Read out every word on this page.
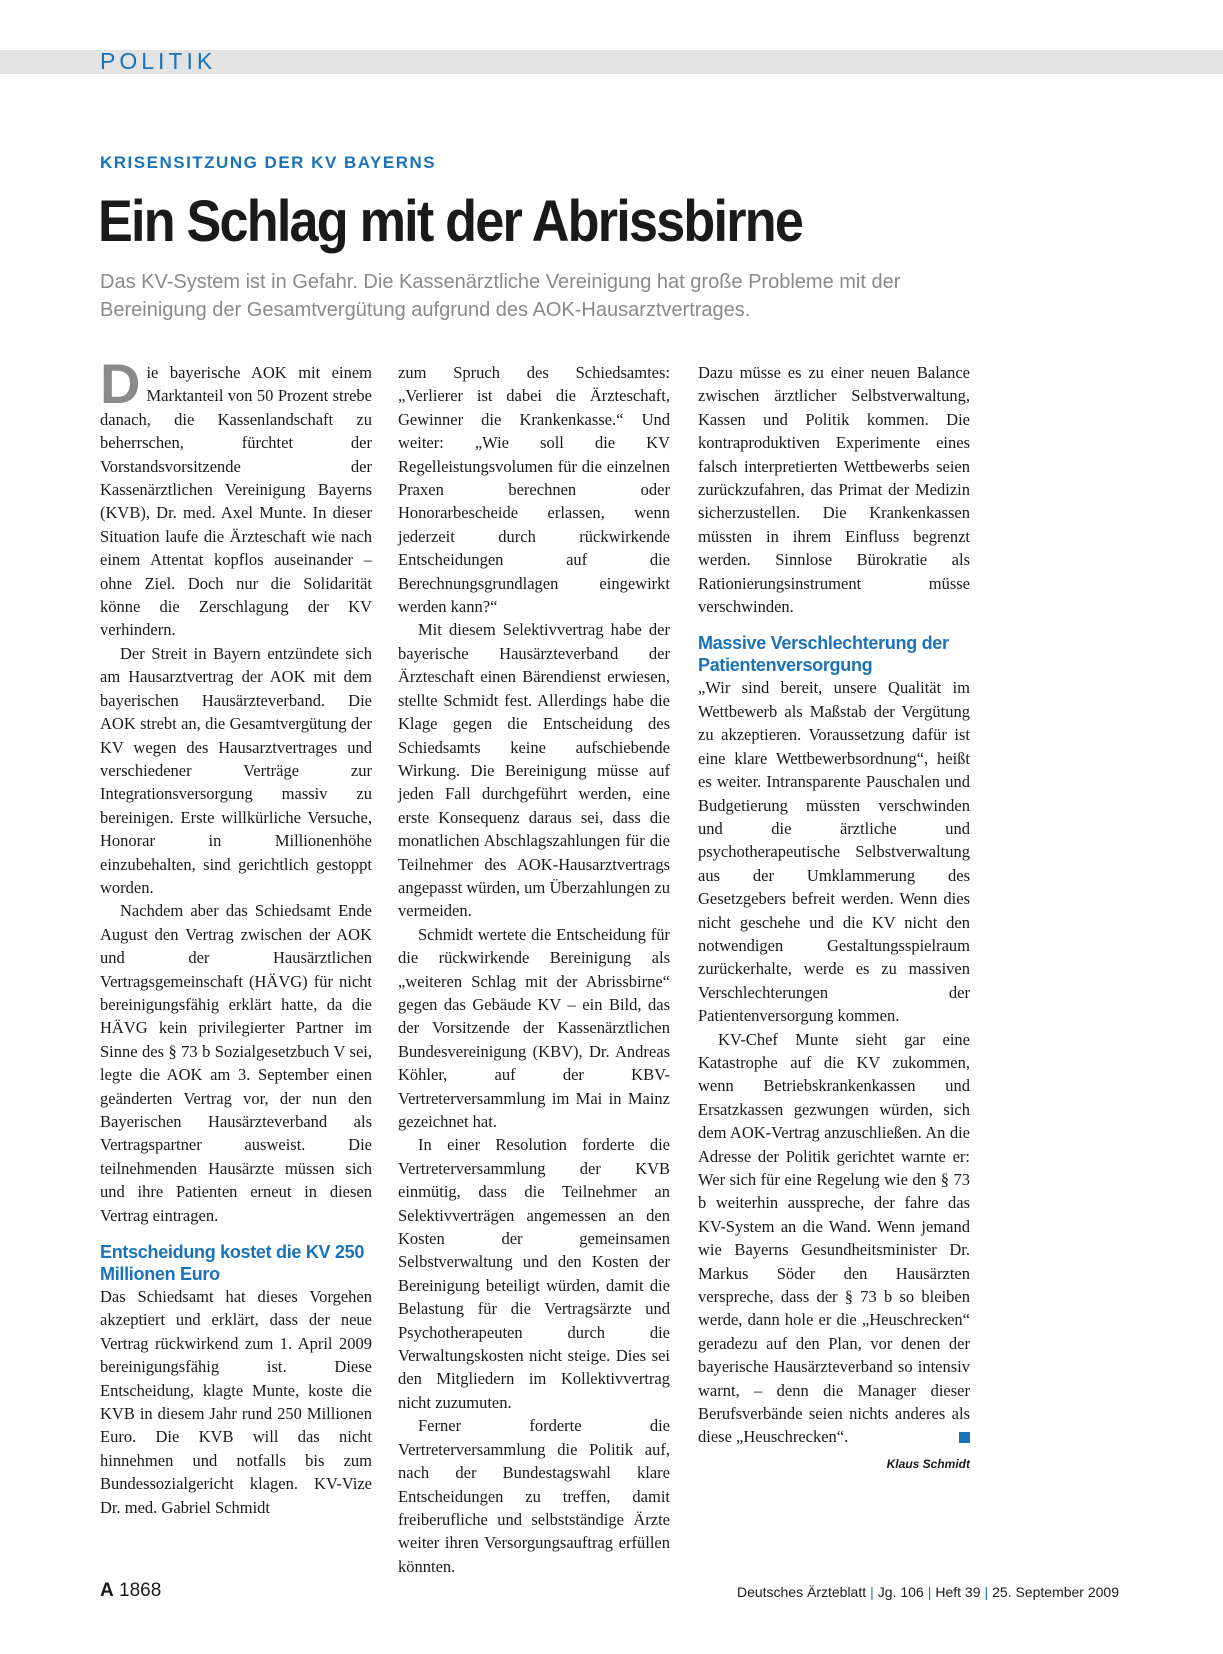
POLITIK
KRISENSITZUNG DER KV BAYERNS
Ein Schlag mit der Abrissbirne
Das KV-System ist in Gefahr. Die Kassenärztliche Vereinigung hat große Probleme mit der Bereinigung der Gesamtvergütung aufgrund des AOK-Hausarztvertrages.

Die bayerische AOK mit einem Marktanteil von 50 Prozent strebe danach, die Kassenlandschaft zu beherrschen, fürchtet der Vorstandsvorsitzende der Kassenärztlichen Vereinigung Bayerns (KVB), Dr. med. Axel Munte. In dieser Situation laufe die Ärzteschaft wie nach einem Attentat kopflos auseinander – ohne Ziel. Doch nur die Solidarität könne die Zerschlagung der KV verhindern.

Der Streit in Bayern entzündete sich am Hausarztvertrag der AOK mit dem bayerischen Hausärzteverband. Die AOK strebt an, die Gesamtvergütung der KV wegen des Hausarztvertrages und verschiedener Verträge zur Integrationsversorgung massiv zu bereinigen. Erste willkürliche Versuche, Honorar in Millionenhöhe einzubehalten, sind gerichtlich gestoppt worden.

Nachdem aber das Schiedsamt Ende August den Vertrag zwischen der AOK und der Hausärztlichen Vertragsgemeinschaft (HÄVG) für nicht bereinigungsfähig erklärt hatte, da die HÄVG kein privilegierter Partner im Sinne des § 73 b Sozialgesetzbuch V sei, legte die AOK am 3. September einen geänderten Vertrag vor, der nun den Bayerischen Hausärzteverband als Vertragspartner ausweist. Die teilnehmenden Hausärzte müssen sich und ihre Patienten erneut in diesen Vertrag eintragen.

Entscheidung kostet die KV 250 Millionen Euro

Das Schiedsamt hat dieses Vorgehen akzeptiert und erklärt, dass der neue Vertrag rückwirkend zum 1. April 2009 bereinigungsfähig ist. Diese Entscheidung, klagte Munte, koste die KVB in diesem Jahr rund 250 Millionen Euro. Die KVB will das nicht hinnehmen und notfalls bis zum Bundessozialgericht klagen. KV-Vize Dr. med. Gabriel Schmidt

zum Spruch des Schiedsamtes: „Verlierer ist dabei die Ärzteschaft, Gewinner die Krankenkasse.“ Und weiter: „Wie soll die KV Regelleistungsvolumen für die einzelnen Praxen berechnen oder Honorarbescheide erlassen, wenn jederzeit durch rückwirkende Entscheidungen auf die Berechnungsgrundlagen eingewirkt werden kann?“

Mit diesem Selektivvertrag habe der bayerische Hausärzteverband der Ärzteschaft einen Bärendienst erwiesen, stellte Schmidt fest. Allerdings habe die Klage gegen die Entscheidung des Schiedsamts keine aufschiebende Wirkung. Die Bereinigung müsse auf jeden Fall durchgeführt werden, eine erste Konsequenz daraus sei, dass die monatlichen Abschlagszahlungen für die Teilnehmer des AOK-Hausarztvertrags angepasst würden, um Überzahlungen zu vermeiden.

Schmidt wertete die Entscheidung für die rückwirkende Bereinigung als „weiteren Schlag mit der Abrissbirne“ gegen das Gebäude KV – ein Bild, das der Vorsitzende der Kassenärztlichen Bundesvereinigung (KBV), Dr. Andreas Köhler, auf der KBV-Vertreterversammlung im Mai in Mainz gezeichnet hat.

In einer Resolution forderte die Vertreterversammlung der KVB einmütig, dass die Teilnehmer an Selektivverträgen angemessen an den Kosten der gemeinsamen Selbstverwaltung und den Kosten der Bereinigung beteiligt würden, damit die Belastung für die Vertragsärzte und Psychotherapeuten durch die Verwaltungskosten nicht steige. Dies sei den Mitgliedern im Kollektivvertrag nicht zuzumuten.

Ferner forderte die Vertreterversammlung die Politik auf, nach der Bundestagswahl klare Entscheidungen zu treffen, damit freiberufliche und selbstständige Ärzte weiter ihren Versorgungsauftrag erfüllen könnten.

Dazu müsse es zu einer neuen Balance zwischen ärztlicher Selbstverwaltung, Kassen und Politik kommen. Die kontraproduktiven Experimente eines falsch interpretierten Wettbewerbs seien zurückzufahren, das Primat der Medizin sicherzustellen. Die Krankenkassen müssten in ihrem Einfluss begrenzt werden. Sinnlose Bürokratie als Rationierungsinstrument müsse verschwinden.

Massive Verschlechterung der Patientenversorgung

„Wir sind bereit, unsere Qualität im Wettbewerb als Maßstab der Vergütung zu akzeptieren. Voraussetzung dafür ist eine klare Wettbewerbsordnung“, heißt es weiter. Intransparente Pauschalen und Budgetierung müssten verschwinden und die ärztliche und psychotherapeutische Selbstverwaltung aus der Umklammerung des Gesetzgebers befreit werden. Wenn dies nicht geschehe und die KV nicht den notwendigen Gestaltungsspielraum zurückerhalte, werde es zu massiven Verschlechterungen der Patientenversorgung kommen.

KV-Chef Munte sieht gar eine Katastrophe auf die KV zukommen, wenn Betriebskrankenkassen und Ersatzkassen gezwungen würden, sich dem AOK-Vertrag anzuschließen. An die Adresse der Politik gerichtet warnte er: Wer sich für eine Regelung wie den § 73 b weiterhin ausspreche, der fahre das KV-System an die Wand. Wenn jemand wie Bayerns Gesundheitsminister Dr. Markus Söder den Hausärzten verspreche, dass der § 73 b so bleiben werde, dann hole er die „Heuschrecken“ geradezu auf den Plan, vor denen der bayerische Hausärzteverband so intensiv warnt, – denn die Manager dieser Berufsverbände seien nichts anderes als diese „Heuschrecken“.

Klaus Schmidt
A 1868	Deutsches Ärzteblatt | Jg. 106 | Heft 39 | 25. September 2009
